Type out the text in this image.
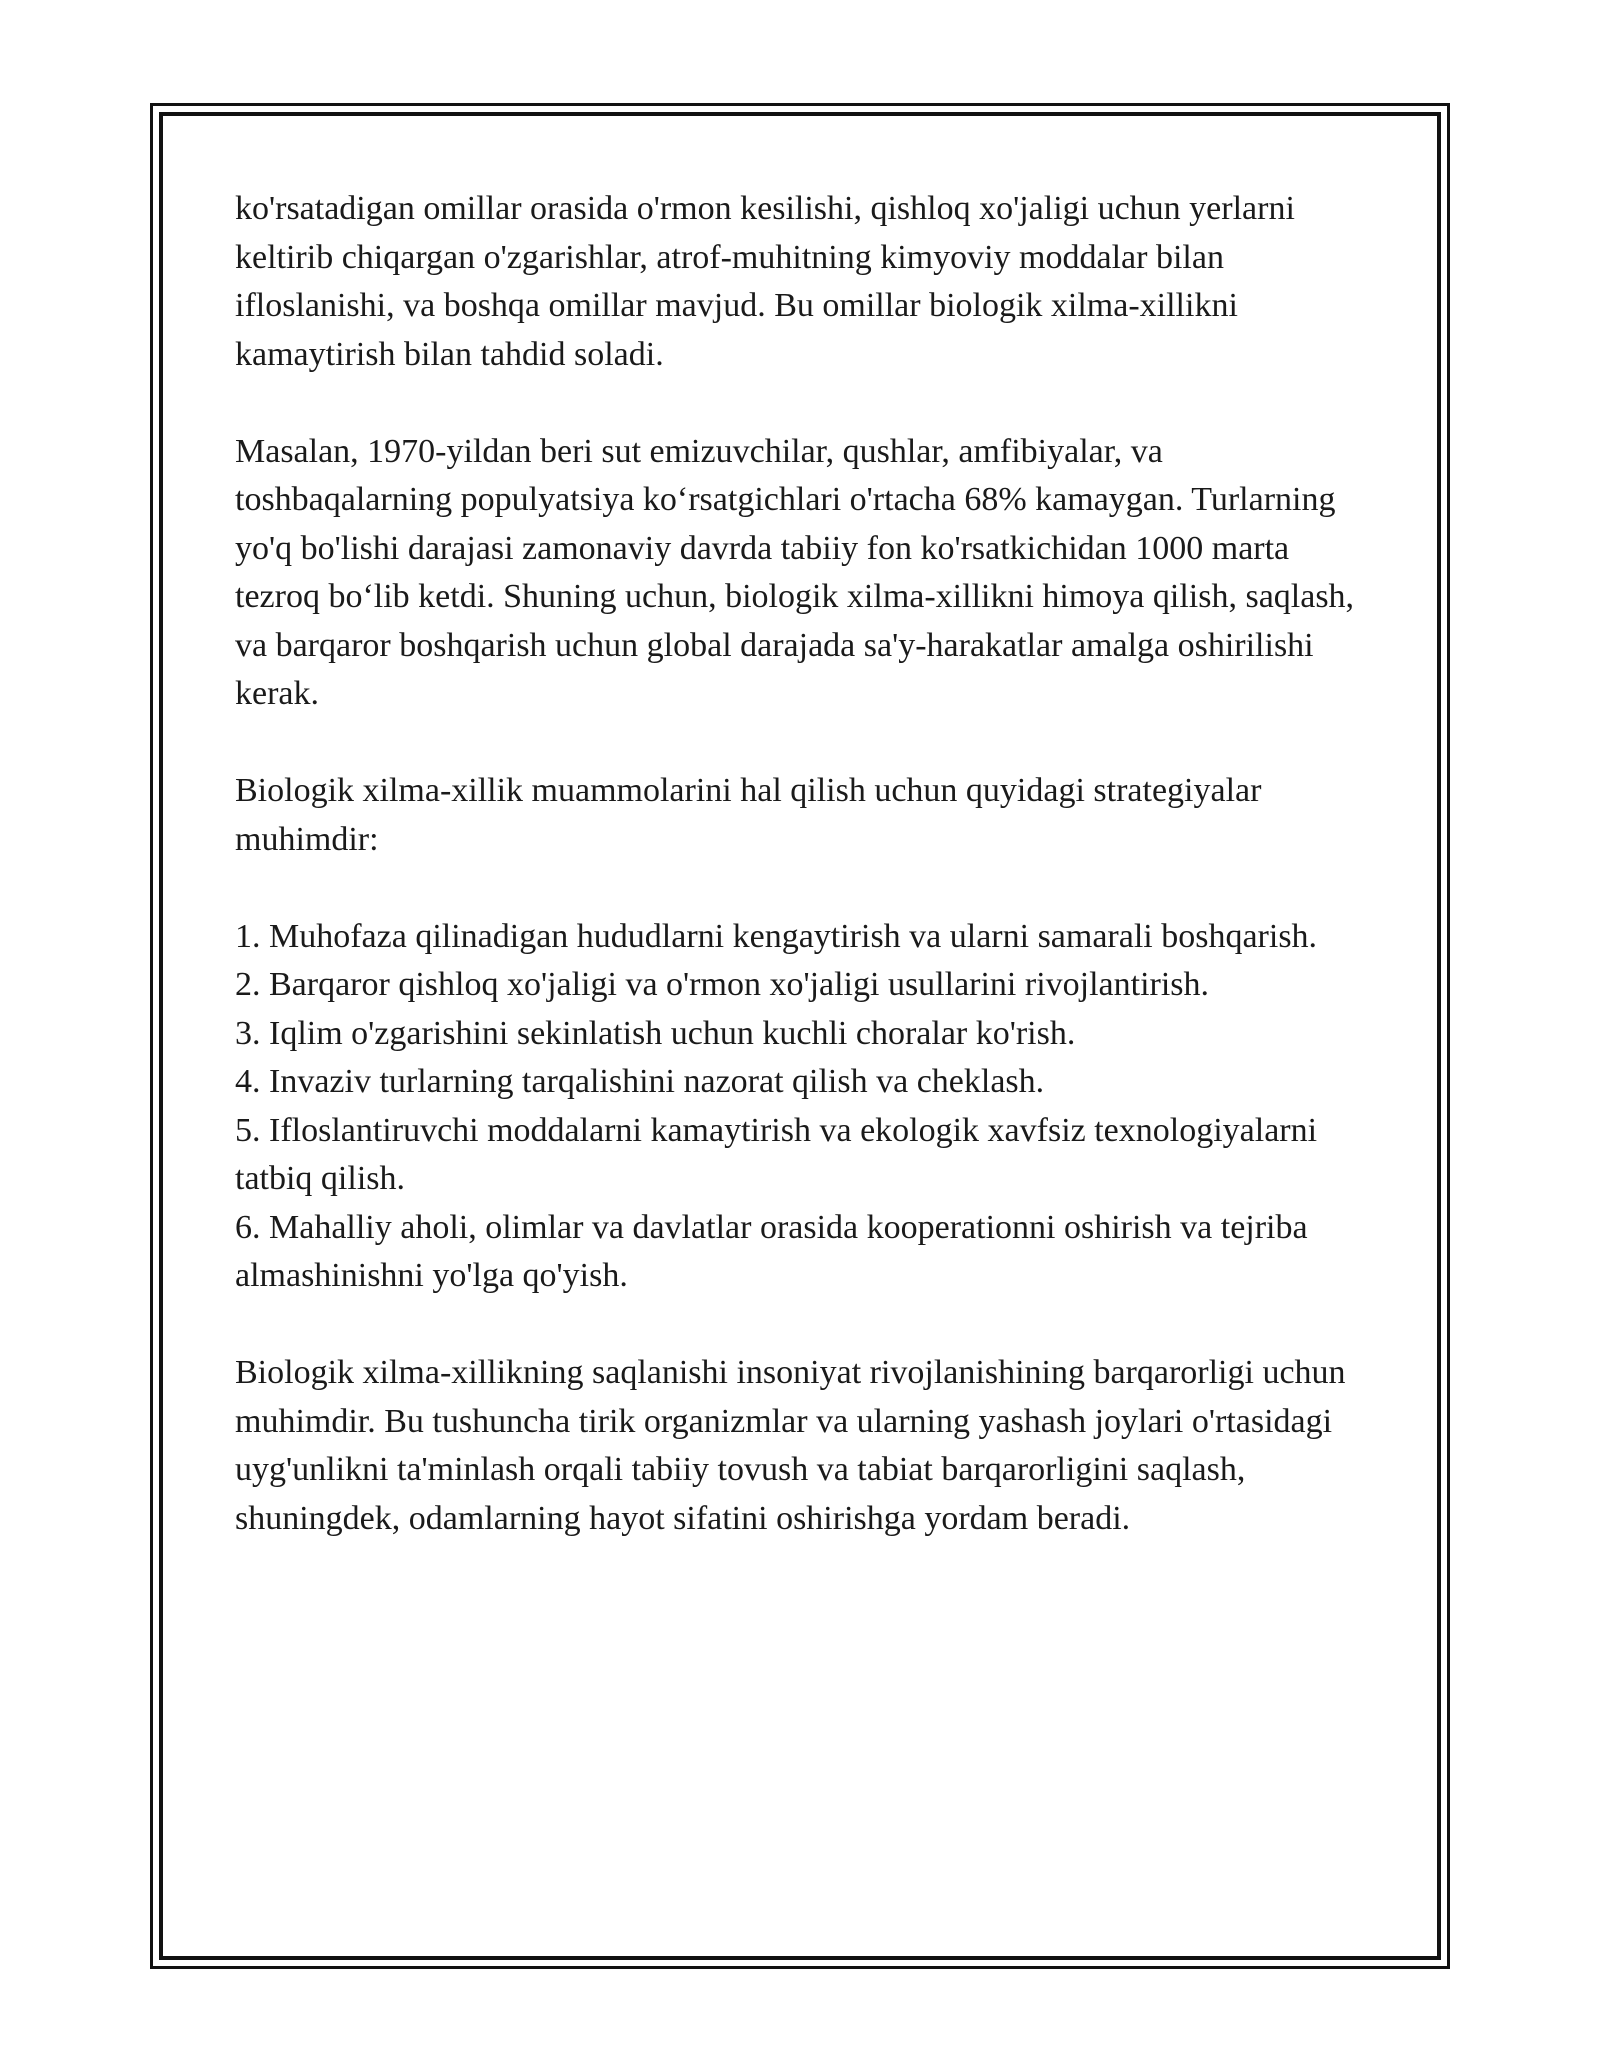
ko'rsatadigan omillar orasida o'rmon kesilishi, qishloq xo'jaligi uchun yerlarni keltirib chiqargan o'zgarishlar, atrof-muhitning kimyoviy moddalar bilan ifloslanishi, va boshqa omillar mavjud. Bu omillar biologik xilma-xillikni kamaytirish bilan tahdid soladi.

Masalan, 1970-yildan beri sut emizuvchilar, qushlar, amfibiyalar, va toshbaqalarning populyatsiya ko‘rsatgichlari o'rtacha 68% kamaygan. Turlarning yo'q bo'lishi darajasi zamonaviy davrda tabiiy fon ko'rsatkichidan 1000 marta tezroq bo‘lib ketdi. Shuning uchun, biologik xilma-xillikni himoya qilish, saqlash, va barqaror boshqarish uchun global darajada sa'y-harakatlar amalga oshirilishi kerak.

Biologik xilma-xillik muammolarini hal qilish uchun quyidagi strategiyalar muhimdir:

1. Muhofaza qilinadigan hududlarni kengaytirish va ularni samarali boshqarish.
2. Barqaror qishloq xo'jaligi va o'rmon xo'jaligi usullarini rivojlantirish.
3. Iqlim o'zgarishini sekinlatish uchun kuchli choralar ko'rish.
4. Invaziv turlarning tarqalishini nazorat qilish va cheklash.
5. Ifloslantiruvchi moddalarni kamaytirish va ekologik xavfsiz texnologiyalarni tatbiq qilish.
6. Mahalliy aholi, olimlar va davlatlar orasida kooperationni oshirish va tejriba almashinishni yo'lga qo'yish.

Biologik xilma-xillikning saqlanishi insoniyat rivojlanishining barqarorligi uchun muhimdir. Bu tushuncha tirik organizmlar va ularning yashash joylari o'rtasidagi uyg'unlikni ta'minlash orqali tabiiy tovush va tabiat barqarorligini saqlash, shuningdek, odamlarning hayot sifatini oshirishga yordam beradi.
